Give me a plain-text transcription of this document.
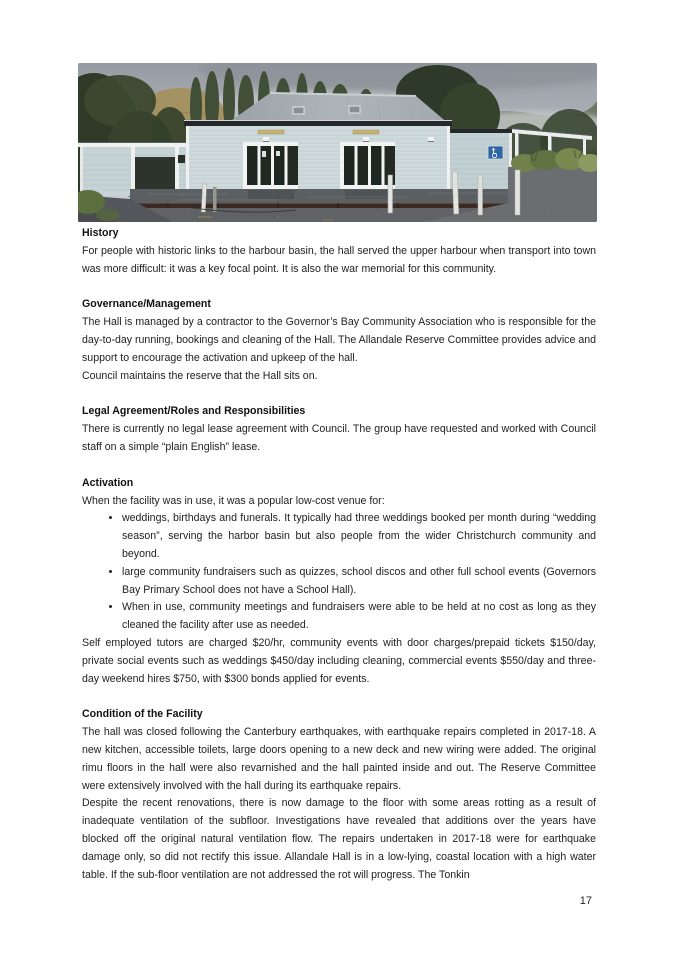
History

For people with historic links to the harbour basin, the hall served the upper harbour when transport into town was more difficult: it was a key focal point. It is also the war memorial for this community.

Governance/Management

The Hall is managed by a contractor to the Governor’s Bay Community Association who is responsible for the day-to-day running, bookings and cleaning of the Hall. The Allandale Reserve Committee provides advice and support to encourage the activation and upkeep of the hall.

Council maintains the reserve that the Hall sits on.

Legal Agreement/Roles and Responsibilities

There is currently no legal lease agreement with Council. The group have requested and worked with Council staff on a simple “plain English” lease.

Activation

When the facility was in use, it was a popular low-cost venue for:

• weddings, birthdays and funerals. It typically had three weddings booked per month during “wedding season”, serving the harbor basin but also people from the wider Christchurch community and beyond.
• large community fundraisers such as quizzes, school discos and other full school events (Governors Bay Primary School does not have a School Hall).
• When in use, community meetings and fundraisers were able to be held at no cost as long as they cleaned the facility after use as needed.

Self employed tutors are charged $20/hr, community events with door charges/prepaid tickets $150/day, private social events such as weddings $450/day including cleaning, commercial events $550/day and three-day weekend hires $750, with $300 bonds applied for events.

Condition of the Facility

The hall was closed following the Canterbury earthquakes, with earthquake repairs completed in 2017-18. A new kitchen, accessible toilets, large doors opening to a new deck and new wiring were added. The original rimu floors in the hall were also revarnished and the hall painted inside and out. The Reserve Committee were extensively involved with the hall during its earthquake repairs.

Despite the recent renovations, there is now damage to the floor with some areas rotting as a result of inadequate ventilation of the subfloor. Investigations have revealed that additions over the years have blocked off the original natural ventilation flow. The repairs undertaken in 2017-18 were for earthquake damage only, so did not rectify this issue. Allandale Hall is in a low-lying, coastal location with a high water table. If the sub-floor ventilation are not addressed the rot will progress. The Tonkin

17
